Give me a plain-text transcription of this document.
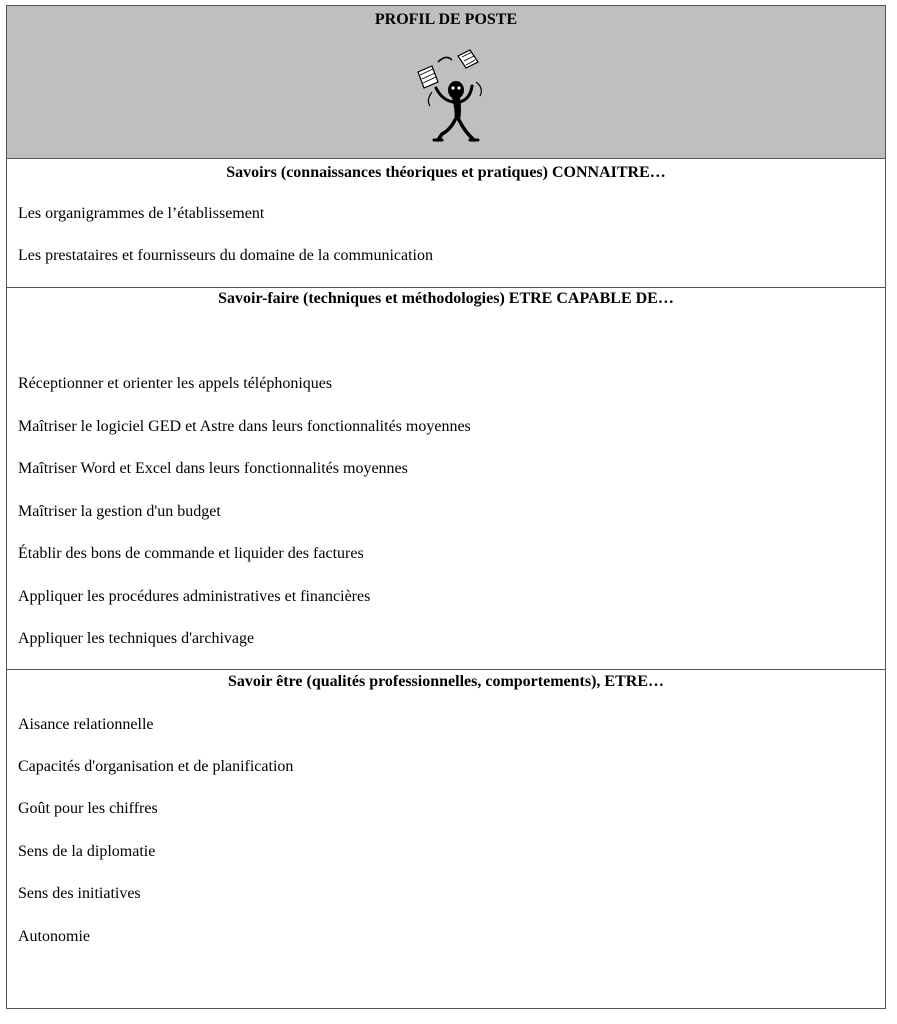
PROFIL DE POSTE
Savoirs (connaissances théoriques et pratiques) CONNAITRE…
Les organigrammes de l’établissement
Les prestataires et fournisseurs du domaine de la communication
Savoir-faire (techniques et méthodologies) ETRE CAPABLE DE…
Réceptionner et orienter les appels téléphoniques
Maîtriser le logiciel GED et Astre dans leurs fonctionnalités moyennes
Maîtriser Word et Excel dans leurs fonctionnalités moyennes
Maîtriser la gestion d'un budget
Établir des bons de commande et liquider des factures
Appliquer les procédures administratives et financières
Appliquer les techniques d'archivage
Savoir être (qualités professionnelles, comportements), ETRE…
Aisance relationnelle
Capacités d'organisation et de planification
Goût pour les chiffres
Sens de la diplomatie
Sens des initiatives
Autonomie
